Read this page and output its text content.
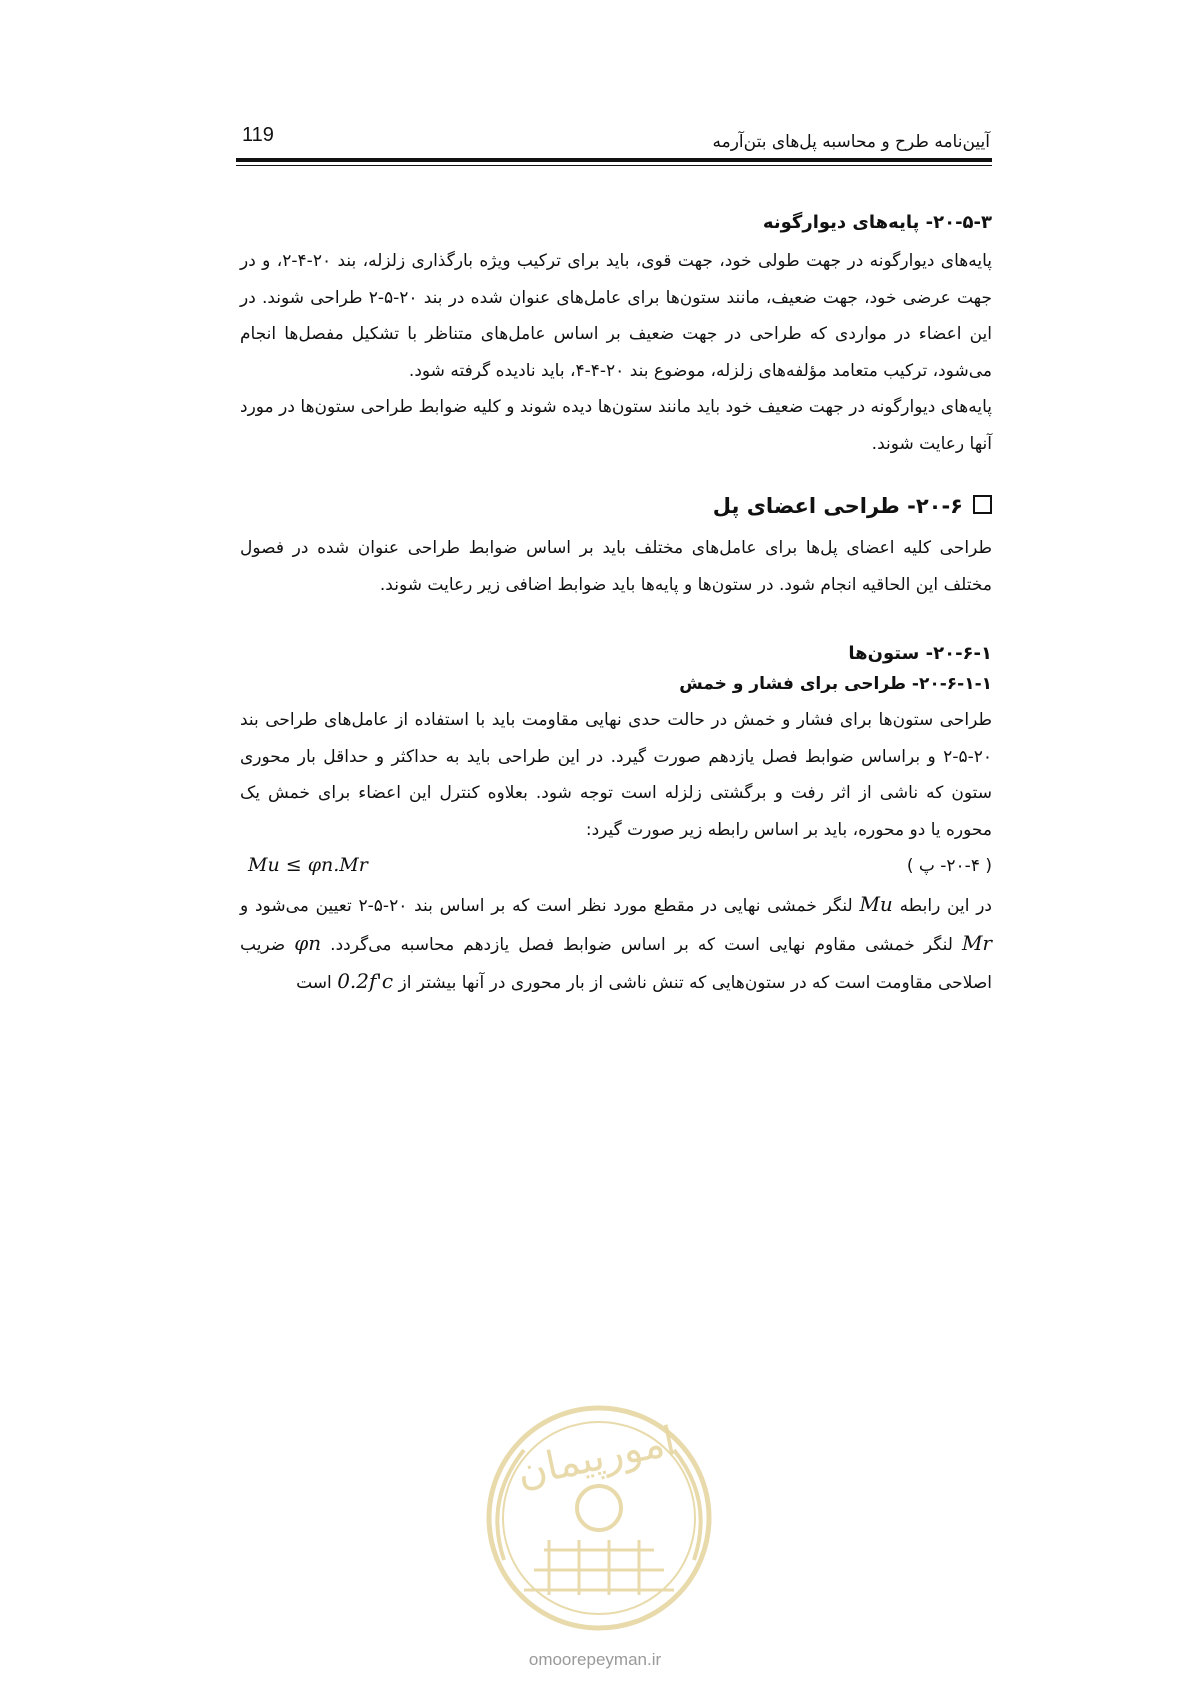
119	آیین‌نامه طرح و محاسبه پل‌های بتن‌آرمه
۲۰-۵-۳- پایه‌های دیوارگونه

پایه‌های دیوارگونه در جهت طولی خود، جهت قوی، باید برای ترکیب ویژه بارگذاری زلزله، بند ۲۰-۴-۲، و در جهت عرضی خود، جهت ضعیف، مانند ستون‌ها برای عامل‌های عنوان شده در بند ۲۰-۵-۲ طراحی شوند. در این اعضاء در مواردی که طراحی در جهت ضعیف بر اساس عامل‌های متناظر با تشکیل مفصل‌ها انجام می‌شود، ترکیب متعامد مؤلفه‌های زلزله، موضوع بند ۲۰-۴-۴، باید نادیده گرفته شود.

پایه‌های دیوارگونه در جهت ضعیف خود باید مانند ستون‌ها دیده شوند و کلیه ضوابط طراحی ستون‌ها در مورد آنها رعایت شوند.

۲۰-۶- طراحی اعضای پل

طراحی کلیه اعضای پل‌ها برای عامل‌های مختلف باید بر اساس ضوابط طراحی عنوان شده در فصول مختلف این الحاقیه انجام شود. در ستون‌ها و پایه‌ها باید ضوابط اضافی زیر رعایت شوند.

۲۰-۶-۱- ستون‌ها
۲۰-۶-۱-۱- طراحی برای فشار و خمش

طراحی ستون‌ها برای فشار و خمش در حالت حدی نهایی مقاومت باید با استفاده از عامل‌های طراحی بند ۲۰-۵-۲ و براساس ضوابط فصل یازدهم صورت گیرد. در این طراحی باید به حداکثر و حداقل بار محوری ستون که ناشی از اثر رفت و برگشتی زلزله است توجه شود. بعلاوه کنترل این اعضاء برای خمش یک محوره یا دو محوره، باید بر اساس رابطه زیر صورت گیرد:

Mu ≤ φn.Mr	( ۲۰-۴- پ )

در این رابطه Mu لنگر خمشی نهایی در مقطع مورد نظر است که بر اساس بند ۲۰-۵-۲ تعیین می‌شود و Mr لنگر خمشی مقاوم نهایی است که بر اساس ضوابط فصل یازدهم محاسبه می‌گردد. φn ضریب اصلاحی مقاومت است که در ستون‌هایی که تنش ناشی از بار محوری در آنها بیشتر از 0.2f'c است

امورپیمان
omoorepeyman.ir
